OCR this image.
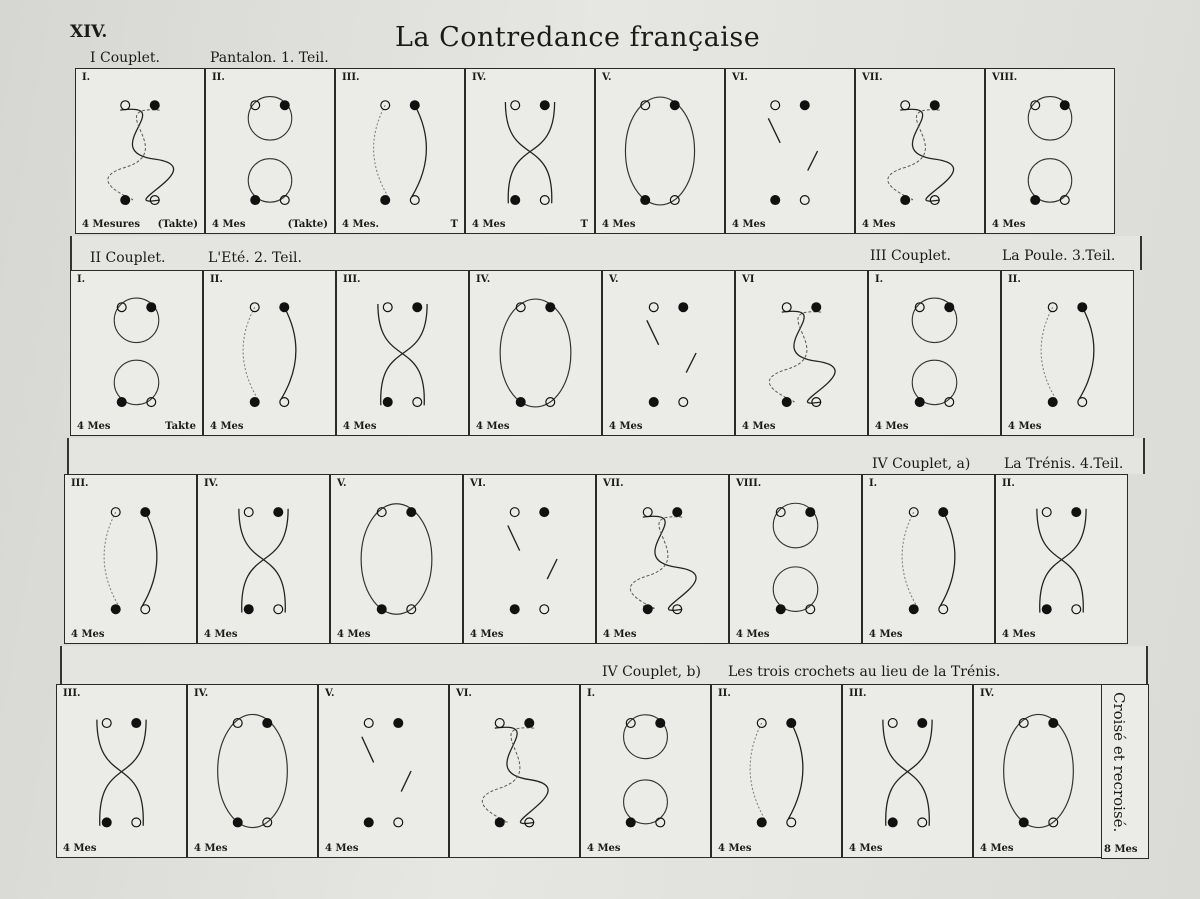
XIV.	La Contredance française
I Couplet.	Pantalon. 1. Teil.
I.
4 Mesures (Takte)
II.
4 Mes	(Takte)
III.
4 Mes.	T
IV.
4 Mes	T
V.
4 Mes
VI.
4 Mes
VII.
4 Mes
VIII.
4 Mes
II Couplet.	L'Eté. 2. Teil.	III Couplet.	La Poule. 3.Teil.
I.
4 Mes	Takte
II.
4 Mes
III.
4 Mes
IV.
4 Mes
V.
4 Mes
VI
4 Mes
I.
4 Mes
II.
4 Mes
IV Couplet, a) La Trénis. 4.Teil.
III.
4 Mes
IV.
4 Mes
V.
4 Mes
VI.
4 Mes
VII.
4 Mes
VIII.
4 Mes
I.
4 Mes
II.
4 Mes
IV Couplet, b) Les trois crochets au lieu de la Trénis.
III.
4 Mes
IV.
4 Mes
V.
4 Mes
VI.	I.
4 Mes
II.
4 Mes
III.
4 Mes
IV.
4 Mes
Croisé et recroisé.
8 Mes
